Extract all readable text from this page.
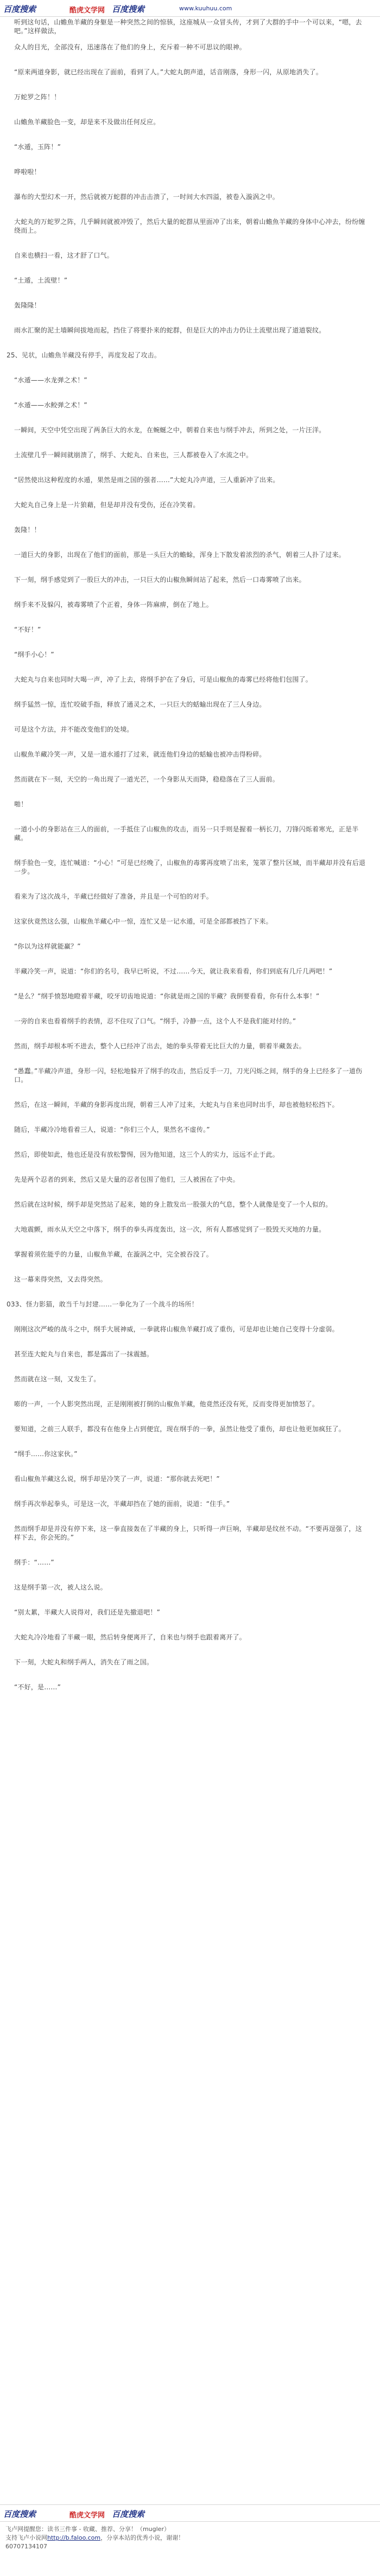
百度搜索	酷虎文学网 百度搜索	www.kuuhuu.com

听到这句话，山蟾魚羊藏的身躯是一种突然之间的惊骇，这座城从一众冒头传，才到了大群的手中一个可以来，“嗯，去吧。”这样做法，

众人的目光，全部没有，迅速落在了他们的身上，充斥着一种不可思议的眼神。

“原来两道身影，就已经出现在了面前，看到了人。”大蛇丸朗声道，话音刚落，身形一闪，从原地消失了。

万蛇罗之阵！！

山蟾魚羊藏脸色一变，却是来不及做出任何反应。

“水遁，玉阵！”

哗啦啦！

瀑布的大型幻术一开，然后就被万蛇群的冲击击溃了，一时间大水四溢，被卷入漩涡之中。

大蛇丸的万蛇罗之阵，几乎瞬间就被冲毁了，然后大量的蛇群从里面冲了出来，朝着山蟾魚羊藏的身体中心冲去，纷纷缠绕而上。

自来也横扫一看，这才舒了口气。

“土遁，土流壁！”

轰隆隆！

雨水汇聚的泥土墙瞬间拔地而起，挡住了将要扑来的蛇群，但是巨大的冲击力仍让土流壁出现了道道裂纹。

25、见状，山蟾魚羊藏没有停手，再度发起了攻击。

“水遁——水龙弹之术！”

“水遁——水鲛弹之术！”

一瞬间，天空中凭空出现了两条巨大的水龙，在蜿蜒之中，朝着自来也与纲手冲去，所到之处，一片汪洋。

土流壁几乎一瞬间就崩溃了，纲手、大蛇丸、自来也，三人都被卷入了水流之中。

“居然使出这种程度的水遁，果然是雨之国的强者……”大蛇丸冷声道，三人重新冲了出来。

大蛇丸自己身上是一片狼藉，但是却并没有受伤，还在冷笑着。

轰隆！！

一道巨大的身影，出现在了他们的面前，那是一头巨大的蟾蜍，浑身上下散发着浓烈的杀气，朝着三人扑了过来。

下一刻，纲手感觉到了一股巨大的冲击，一只巨大的山椒魚瞬间站了起来，然后一口毒雾喷了出来。

纲手来不及躲闪，被毒雾喷了个正着，身体一阵麻痹，倒在了地上。

“不好！”

“纲手小心！”

大蛇丸与自来也同时大喝一声，冲了上去，将纲手护在了身后，可是山椒魚的毒雾已经将他们包围了。

纲手猛然一惊，连忙咬破手指，释放了通灵之术，一只巨大的蛞蝓出现在了三人身边。

可是这个方法，并不能改变他们的处境。

山椒魚羊藏冷笑一声，又是一道水遁打了过来，就连他们身边的蛞蝓也被冲击得粉碎。

然而就在下一刻，天空的一角出现了一道光芒，一个身影从天而降，稳稳落在了三人面前。

啪！

一道小小的身影站在三人的面前，一手抵住了山椒魚的攻击，而另一只手则是握着一柄长刀，刀锋闪烁着寒光，正是半藏。

纲手脸色一变，连忙喊道：“小心！”可是已经晚了，山椒魚的毒雾再度喷了出来，笼罩了整片区域，而半藏却并没有后退一步。

看来为了这次战斗，半藏已经做好了准备，并且是一个可怕的对手。

这家伙竟然这么强，山椒魚羊藏心中一惊，连忙又是一记水遁，可是全部都被挡了下来。

“你以为这样就能赢？”

半藏冷笑一声，说道：“你们的名号，我早已听说，不过……今天，就让我来看看，你们到底有几斤几两吧！”

“是么？”纲手愤怒地瞪着半藏，咬牙切齿地说道：“你就是雨之国的半藏？我倒要看看，你有什么本事！”

一旁的自来也看着纲手的表情，忍不住叹了口气。“纲手，冷静一点，这个人不是我们能对付的。”

然而，纲手却根本听不进去，整个人已经冲了出去，她的拳头带着无比巨大的力量，朝着半藏轰去。

“愚蠢。”半藏冷声道，身形一闪，轻松地躲开了纲手的攻击，然后反手一刀，刀光闪烁之间，纲手的身上已经多了一道伤口。

然后，在这一瞬间，半藏的身影再度出现，朝着三人冲了过来，大蛇丸与自来也同时出手，却也被他轻松挡下。

随后，半藏冷冷地看着三人，说道：“你们三个人，果然名不虚传。”

然后，即使如此，他也还是没有放松警惕，因为他知道，这三个人的实力，远远不止于此。

先是两个忍者的到来，然后又是大量的忍者包围了他们，三人被困在了中央。

然后就在这时候，纲手却是突然站了起来，她的身上散发出一股强大的气息，整个人就像是变了一个人似的。

大地震颤，雨水从天空之中落下，纲手的拳头再度轰出，这一次，所有人都感觉到了一股毁天灭地的力量。

掌握着须佐能乎的力量，山椒魚羊藏，在漩涡之中，完全被吞没了。

这一幕来得突然，又去得突然。

033、怪力影猫，敢当千与封建……一拳化为了一个战斗的场所！

刚刚这次严峻的战斗之中，纲手大展神威，一拳就将山椒魚羊藏打成了重伤，可是却也让她自己变得十分虚弱。

甚至连大蛇丸与自来也，都是露出了一抹震撼。

然而就在这一刻，又发生了。

嘭的一声，一个人影突然出现，正是刚刚被打倒的山椒魚羊藏，他竟然还没有死，反而变得更加愤怒了。

要知道，之前三人联手，都没有在他身上占到便宜，现在纲手的一拳，虽然让他受了重伤，却也让他更加疯狂了。

“纲手……你这家伙。”

看山椒魚羊藏这么说，纲手却是冷笑了一声，说道：“那你就去死吧！”

纲手再次举起拳头，可是这一次，半藏却挡在了她的面前，说道：“住手。”

然而纲手却是并没有停下来，这一拳直接轰在了半藏的身上，只听得一声巨响，半藏却是纹丝不动。“不要再逞强了，这样下去，你会死的。”

纲手：“……”

这是纲手第一次，被人这么说。

“别太累，半藏大人说得对，我们还是先撤退吧！”

大蛇丸冷冷地看了半藏一眼，然后转身便离开了，自来也与纲手也跟着离开了。

下一刻，大蛇丸和纲手两人，消失在了雨之国。

“不好，是……”

百度搜索	酷虎文学网 百度搜索
飞卢网提醒您：读书三件事 - 收藏、推荐、分享！（mugler）
支持飞卢小说网http://b.faloo.com，分享本站的优秀小说，谢谢！
60707134107
